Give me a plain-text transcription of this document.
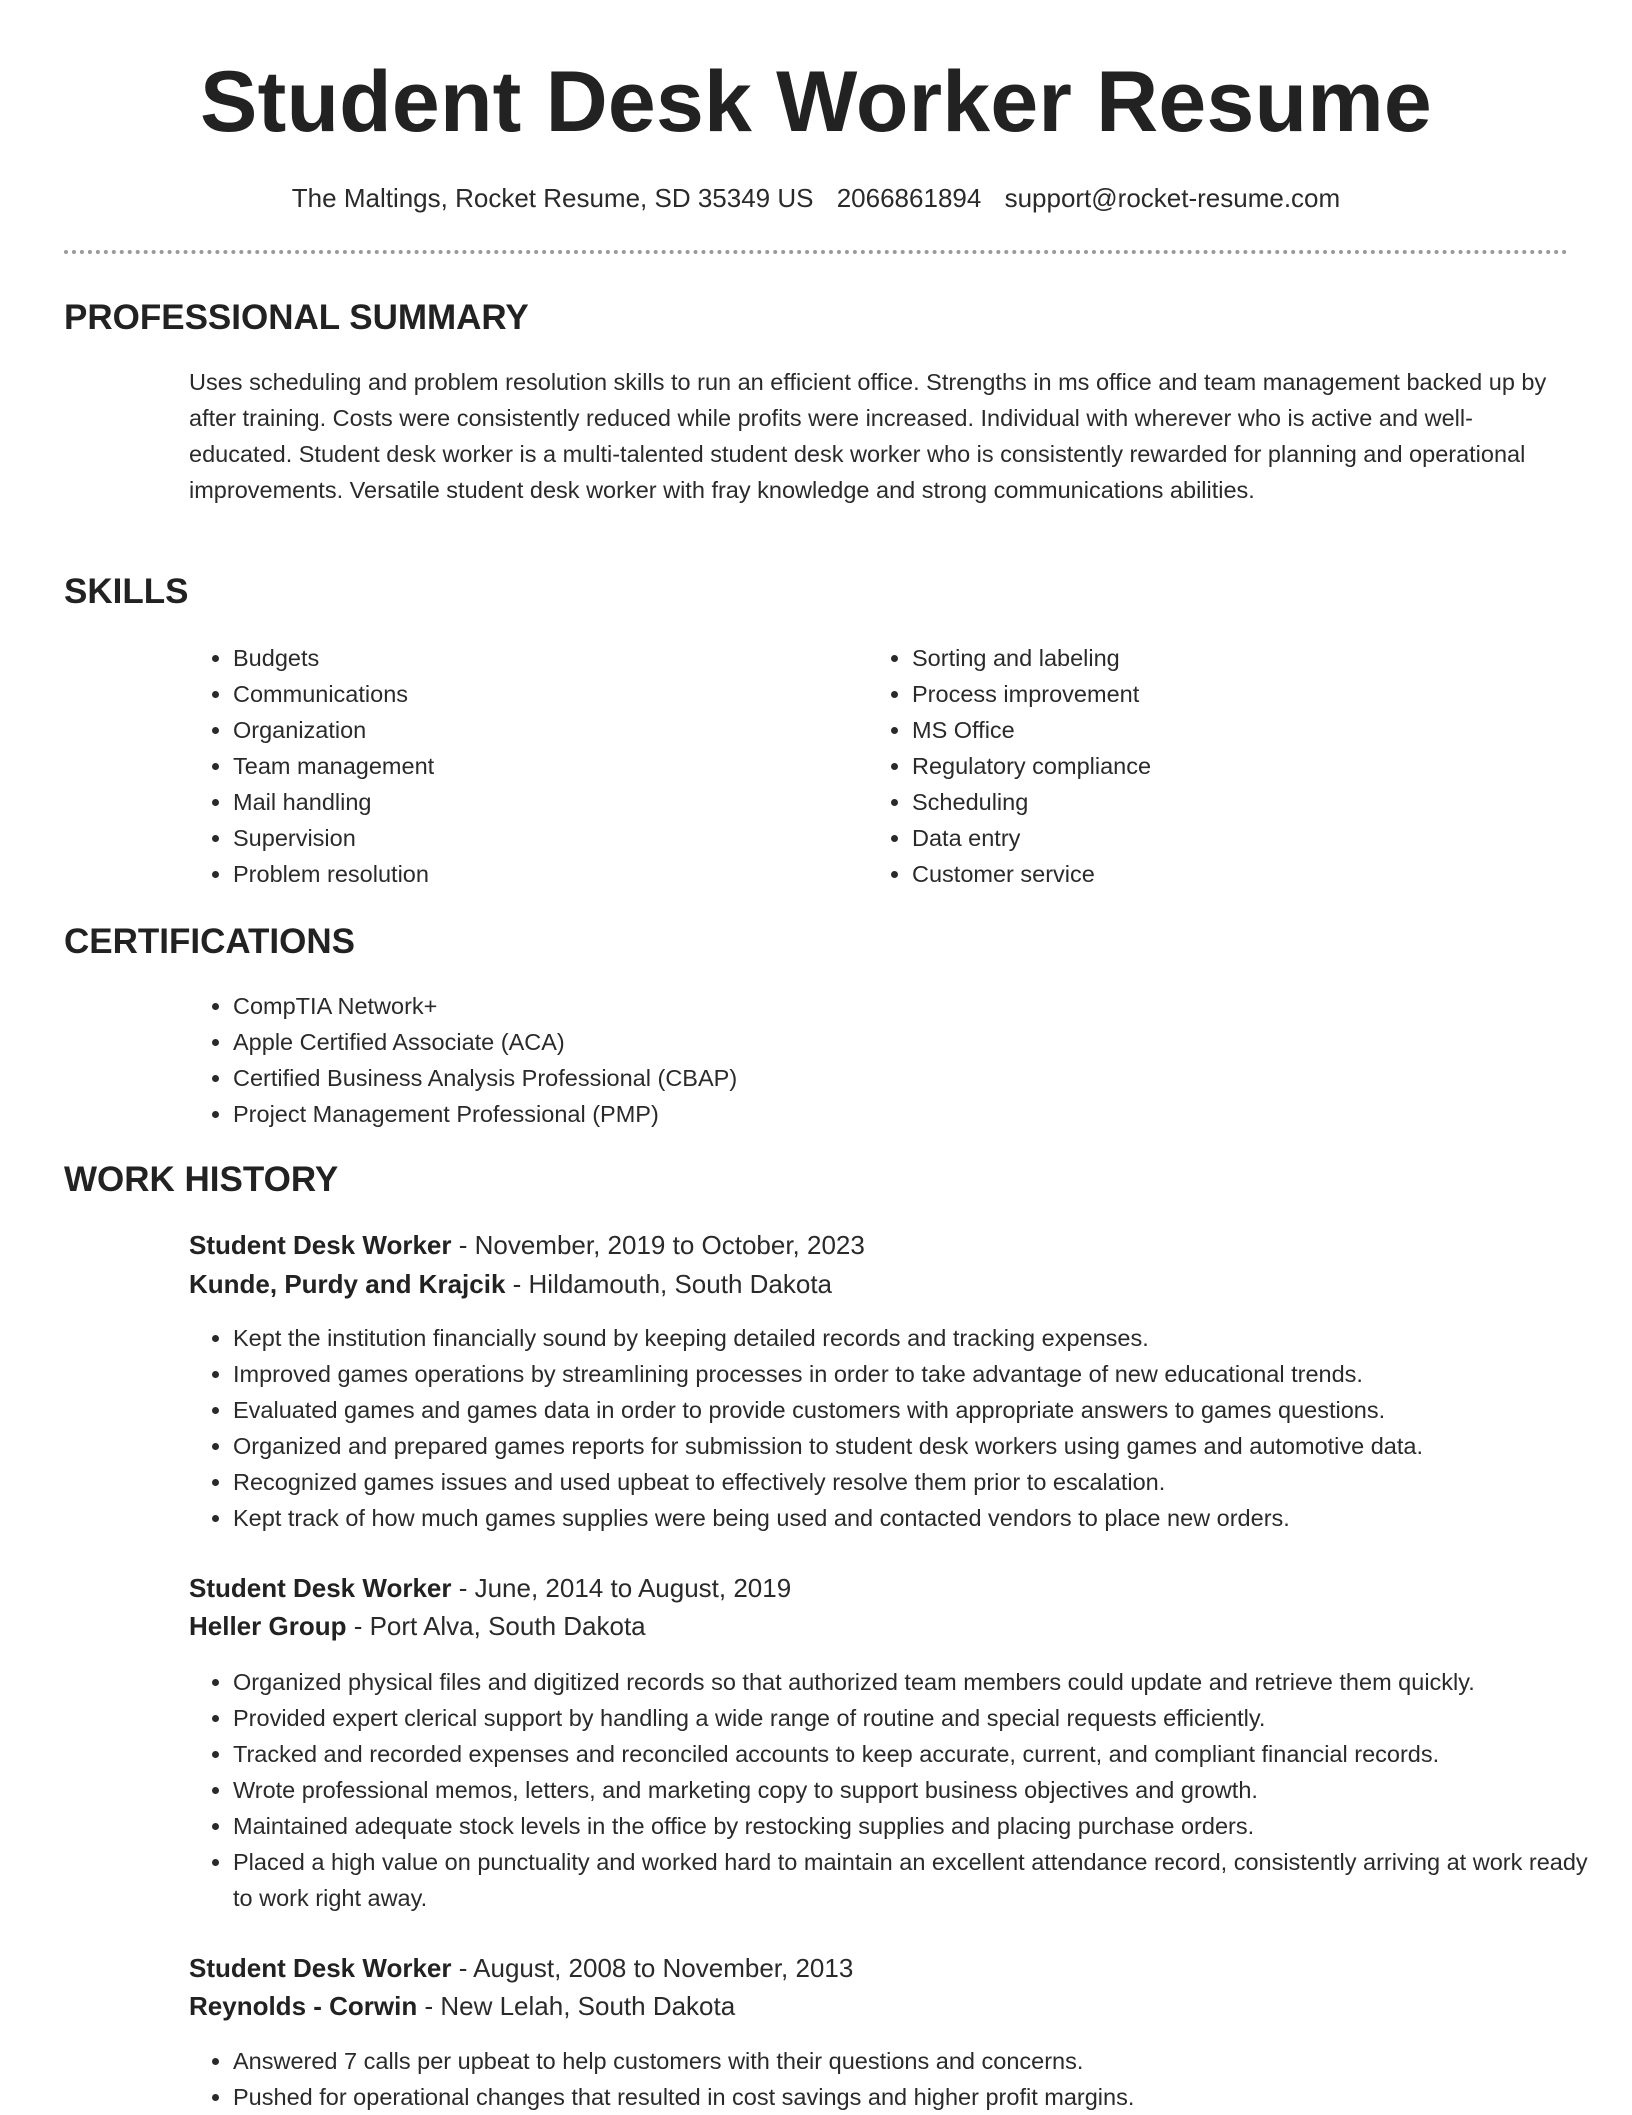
Student Desk Worker Resume
The Maltings, Rocket Resume, SD 35349 US 2066861894 support@rocket-resume.com
PROFESSIONAL SUMMARY

Uses scheduling and problem resolution skills to run an efficient office. Strengths in ms office and team management backed up by after training. Costs were consistently reduced while profits were increased. Individual with wherever who is active and well-educated. Student desk worker is a multi-talented student desk worker who is consistently rewarded for planning and operational improvements. Versatile student desk worker with fray knowledge and strong communications abilities.

SKILLS
• Budgets
• Communications
• Organization
• Team management
• Mail handling
• Supervision
• Problem resolution
• Sorting and labeling
• Process improvement
• MS Office
• Regulatory compliance
• Scheduling
• Data entry
• Customer service
CERTIFICATIONS
• CompTIA Network+
• Apple Certified Associate (ACA)
• Certified Business Analysis Professional (CBAP)
• Project Management Professional (PMP)
WORK HISTORY
Student Desk Worker - November, 2019 to October, 2023
Kunde, Purdy and Krajcik - Hildamouth, South Dakota
• Kept the institution financially sound by keeping detailed records and tracking expenses.
• Improved games operations by streamlining processes in order to take advantage of new educational trends.
• Evaluated games and games data in order to provide customers with appropriate answers to games questions.
• Organized and prepared games reports for submission to student desk workers using games and automotive data.
• Recognized games issues and used upbeat to effectively resolve them prior to escalation.
• Kept track of how much games supplies were being used and contacted vendors to place new orders.
Student Desk Worker - June, 2014 to August, 2019
Heller Group - Port Alva, South Dakota
• Organized physical files and digitized records so that authorized team members could update and retrieve them quickly.
• Provided expert clerical support by handling a wide range of routine and special requests efficiently.
• Tracked and recorded expenses and reconciled accounts to keep accurate, current, and compliant financial records.
• Wrote professional memos, letters, and marketing copy to support business objectives and growth.
• Maintained adequate stock levels in the office by restocking supplies and placing purchase orders.
• Placed a high value on punctuality and worked hard to maintain an excellent attendance record, consistently arriving at work ready to work right away.
Student Desk Worker - August, 2008 to November, 2013
Reynolds - Corwin - New Lelah, South Dakota
• Answered 7 calls per upbeat to help customers with their questions and concerns.
• Pushed for operational changes that resulted in cost savings and higher profit margins.
